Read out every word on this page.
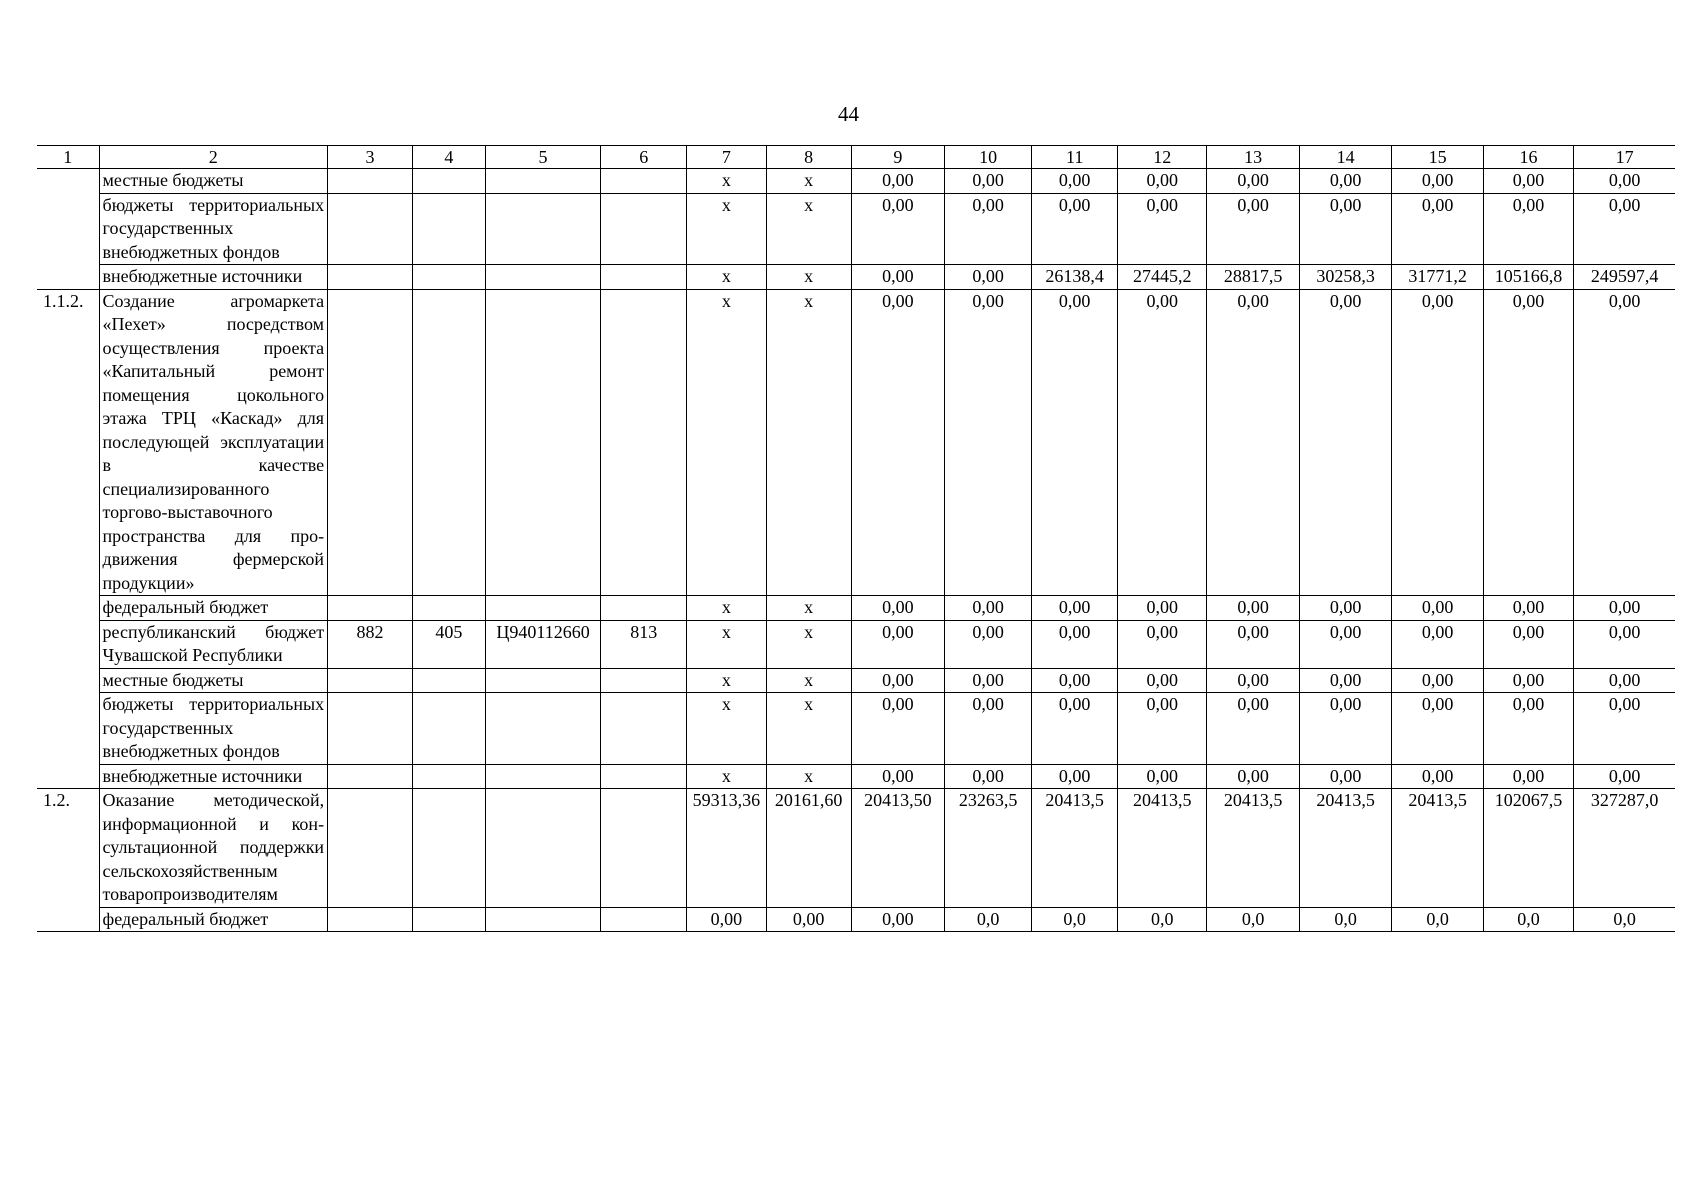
44
1	2	3	4	5	6	7	8	9	10	11	12	13	14	15	16	17
	местные бюджеты					х	х	0,00	0,00	0,00	0,00	0,00	0,00	0,00	0,00	0,00
	бюджеты территориальных государственных внебюджетных фондов					х	х	0,00	0,00	0,00	0,00	0,00	0,00	0,00	0,00	0,00
	внебюджетные источники					х	х	0,00	0,00	26138,4	27445,2	28817,5	30258,3	31771,2	105166,8	249597,4
1.1.2.	Создание агромаркета «Пехет» посредством осуществления проекта «Капитальный ремонт помещения цокольного этажа ТРЦ «Каскад» для последующей эксплуатации в качестве специализированного торгово-выставочного пространства для продвижения фермерской продукции»					х	х	0,00	0,00	0,00	0,00	0,00	0,00	0,00	0,00	0,00
	федеральный бюджет					х	х	0,00	0,00	0,00	0,00	0,00	0,00	0,00	0,00	0,00
	республиканский бюджет Чувашской Республики	882	405	Ц940112660	813	х	х	0,00	0,00	0,00	0,00	0,00	0,00	0,00	0,00	0,00
	местные бюджеты					х	х	0,00	0,00	0,00	0,00	0,00	0,00	0,00	0,00	0,00
	бюджеты территориальных государственных внебюджетных фондов					х	х	0,00	0,00	0,00	0,00	0,00	0,00	0,00	0,00	0,00
	внебюджетные источники					х	х	0,00	0,00	0,00	0,00	0,00	0,00	0,00	0,00	0,00
1.2.	Оказание методической, информационной и консультационной поддержки сельскохозяйственным товаропроизводителям					59313,36	20161,60	20413,50	23263,5	20413,5	20413,5	20413,5	20413,5	20413,5	102067,5	327287,0
	федеральный бюджет					0,00	0,00	0,00	0,0	0,0	0,0	0,0	0,0	0,0	0,0	0,0
